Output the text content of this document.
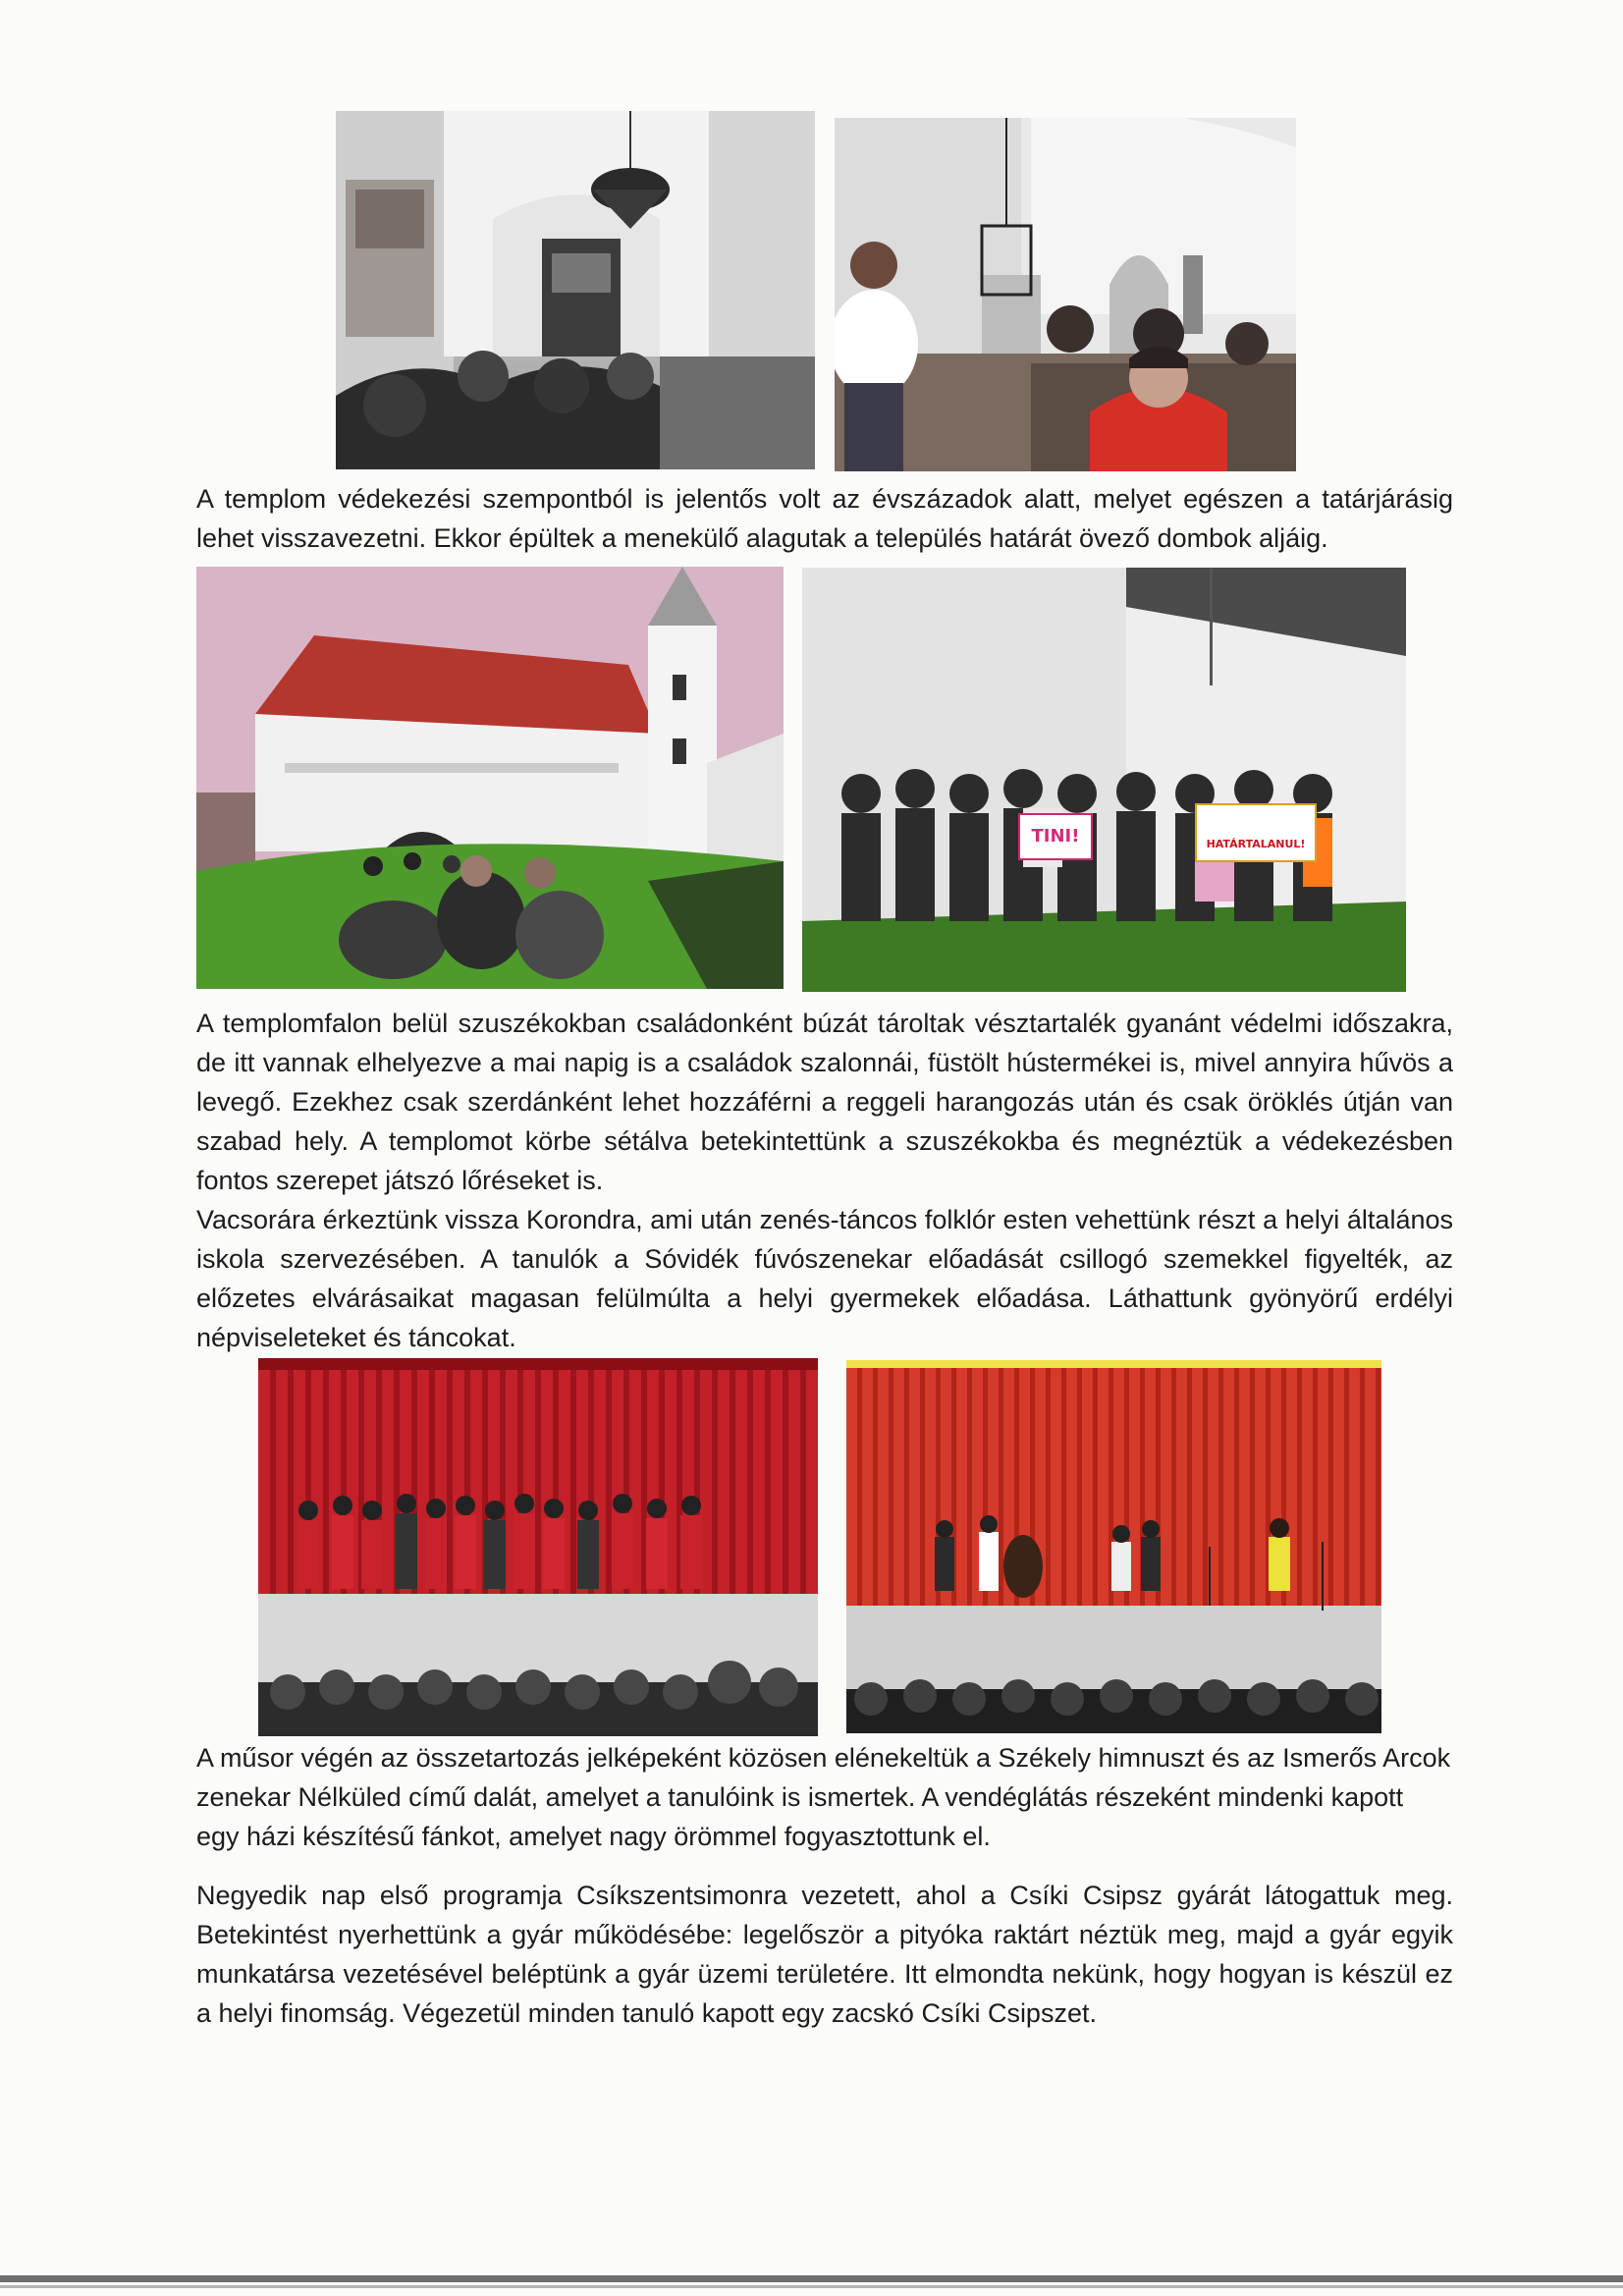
A templom védekezési szempontból is jelentős volt az évszázadok alatt, melyet egészen a tatárjárásig lehet visszavezetni. Ekkor épültek a menekülő alagutak a település határát övező dombok aljáig.

TINI!	HATÁRTALANUL!

A templomfalon belül szuszékokban családonként búzát tároltak vésztartalék gyanánt védelmi időszakra, de itt vannak elhelyezve a mai napig is a családok szalonnái, füstölt hústermékei is, mivel annyira hűvös a levegő. Ezekhez csak szerdánként lehet hozzáférni a reggeli harangozás után és csak öröklés útján van szabad hely. A templomot körbe sétálva betekintettünk a szuszékokba és megnéztük a védekezésben fontos szerepet játszó lőréseket is.

Vacsorára érkeztünk vissza Korondra, ami után zenés-táncos folklór esten vehettünk részt a helyi általános iskola szervezésében. A tanulók a Sóvidék fúvószenekar előadását csillogó szemekkel figyelték, az előzetes elvárásaikat magasan felülmúlta a helyi gyermekek előadása. Láthattunk gyönyörű erdélyi népviseleteket és táncokat.

A műsor végén az összetartozás jelképeként közösen elénekeltük a Székely himnuszt és az Ismerős Arcok zenekar Nélküled című dalát, amelyet a tanulóink is ismertek. A vendéglátás részeként mindenki kapott egy házi készítésű fánkot, amelyet nagy örömmel fogyasztottunk el.

Negyedik nap első programja Csíkszentsimonra vezetett, ahol a Csíki Csipsz gyárát látogattuk meg. Betekintést nyerhettünk a gyár működésébe: legelőször a pityóka raktárt néztük meg, majd a gyár egyik munkatársa vezetésével beléptünk a gyár üzemi területére. Itt elmondta nekünk, hogy hogyan is készül ez a helyi finomság. Végezetül minden tanuló kapott egy zacskó Csíki Csipszet.
